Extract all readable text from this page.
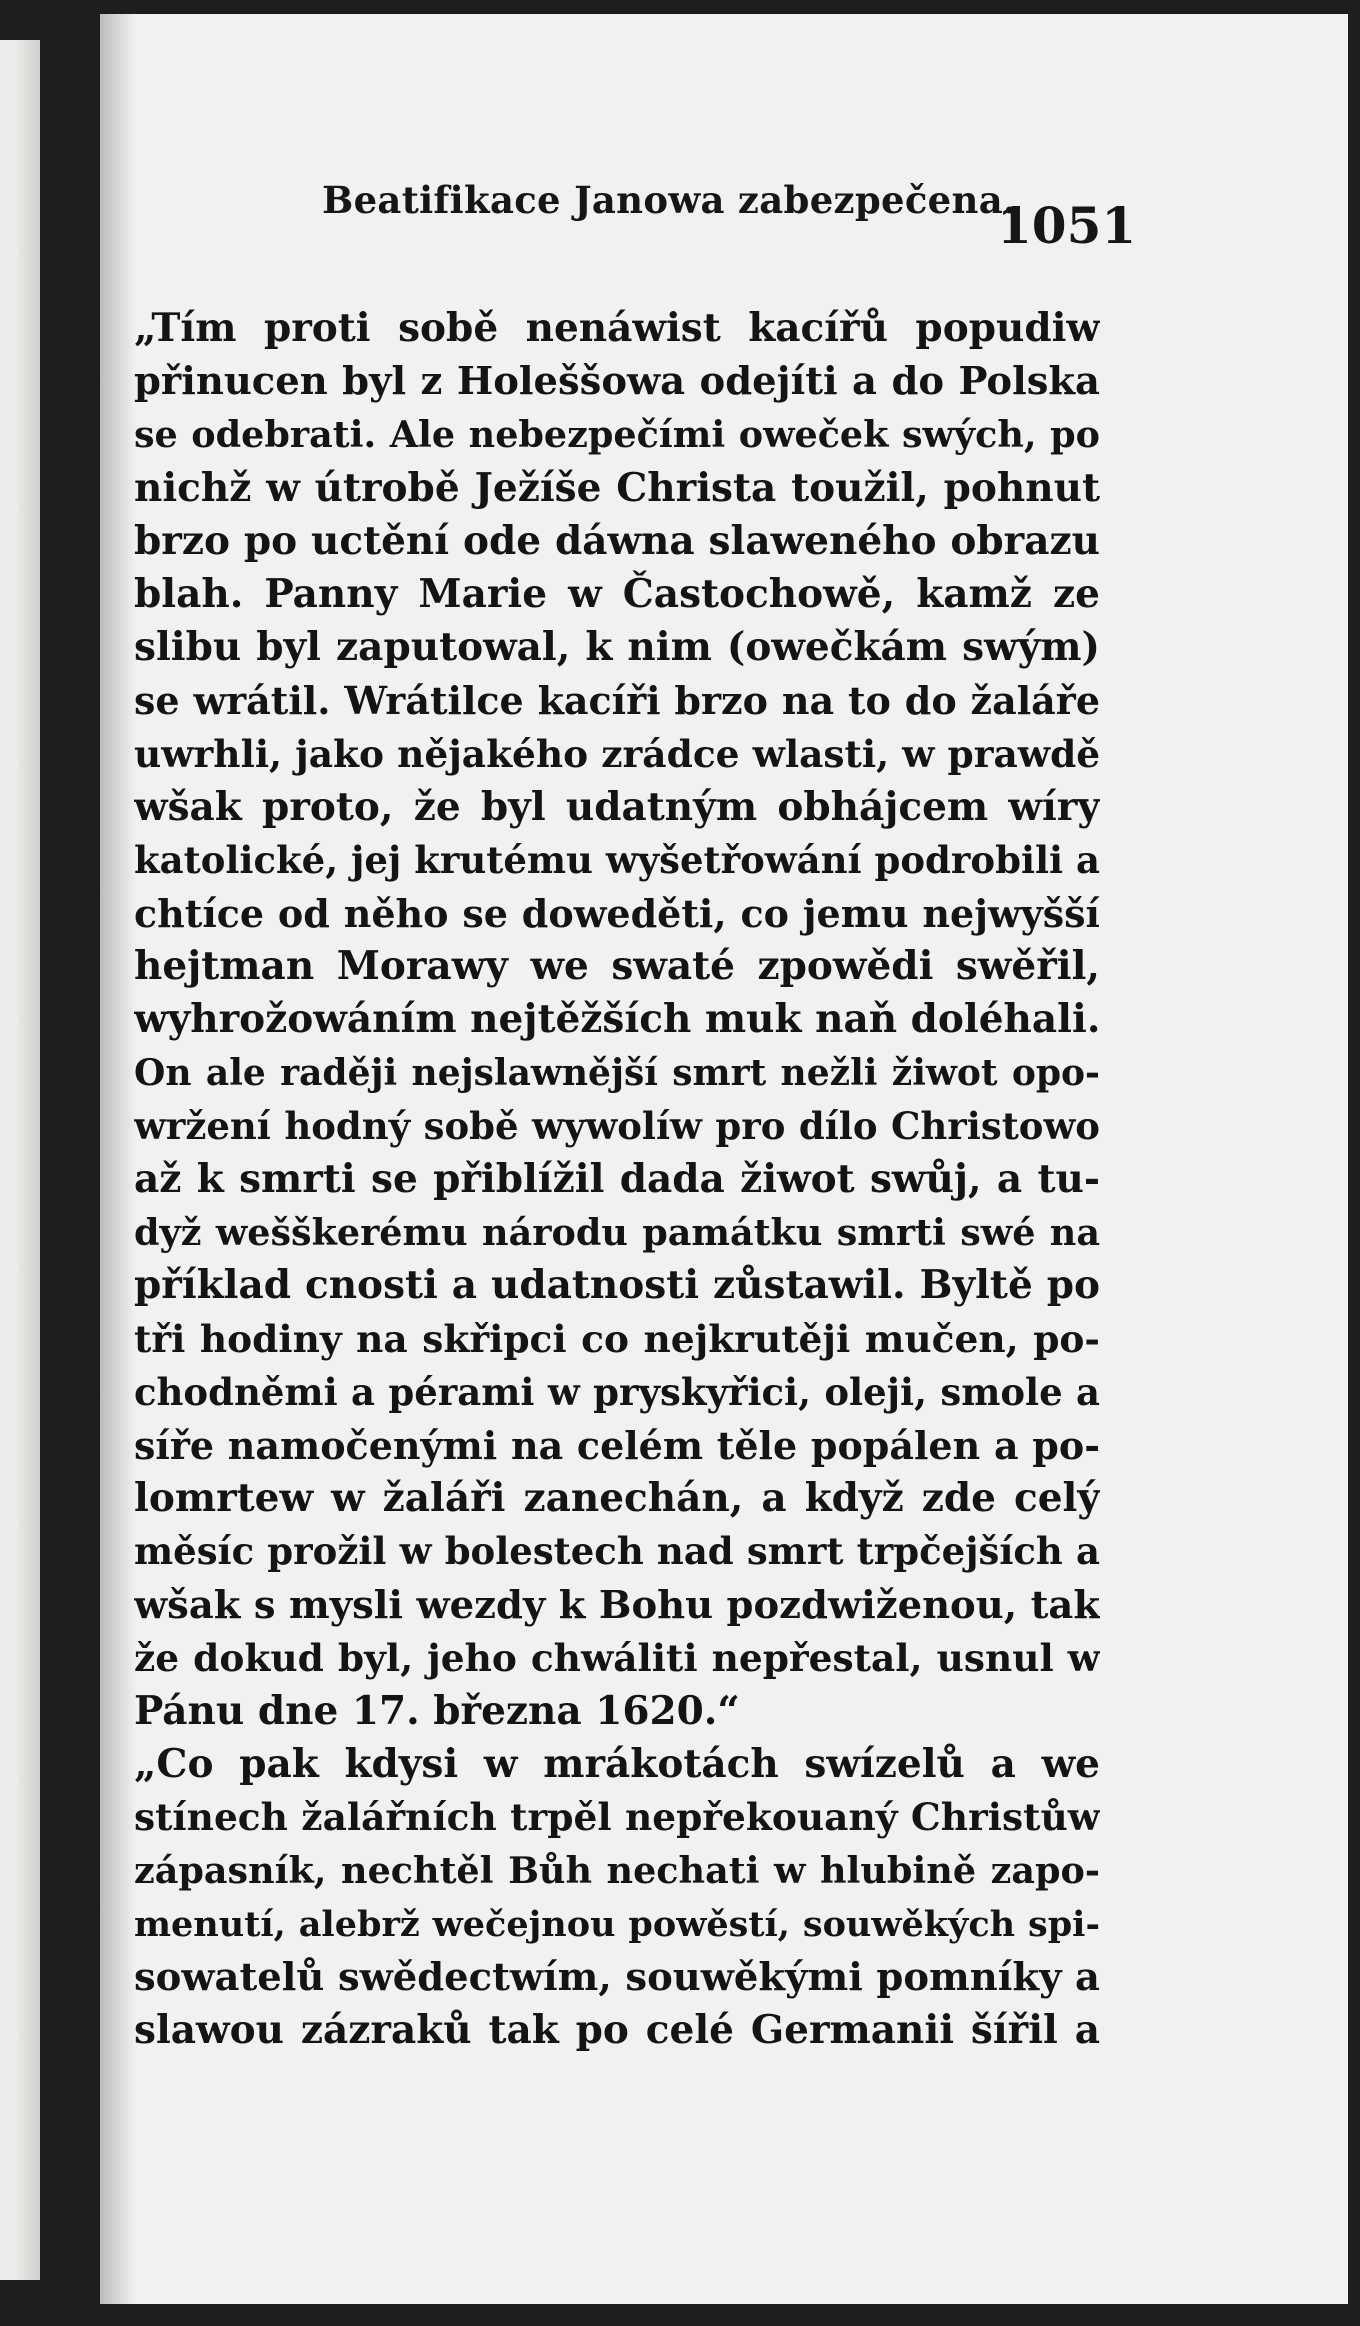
Beatifikace Janowa zabezpečena.
1051
„Tím proti sobě nenáwist kacířů popudiw
přinucen byl z Holeššowa odejíti a do Polska
se odebrati. Ale nebezpečími oweček swých, po
nichž w útrobě Ježíše Christa toužil, pohnut
brzo po uctění ode dáwna slaweného obrazu
blah. Panny Marie w Častochowě, kamž ze
slibu byl zaputowal, k nim (owečkám swým)
se wrátil. Wrátilce kacíři brzo na to do žaláře
uwrhli, jako nějakého zrádce wlasti, w prawdě
wšak proto, že byl udatným obhájcem wíry
katolické, jej krutému wyšetřowání podrobili a
chtíce od něho se doweděti, co jemu nejwyšší
hejtman Morawy we swaté zpowědi swěřil,
wyhrožowáním nejtěžších muk naň doléhali.
On ale raději nejslawnější smrt nežli žiwot opo-
wržení hodný sobě wywolíw pro dílo Christowo
až k smrti se přiblížil dada žiwot swůj, a tu-
dyž wešškerému národu památku smrti swé na
příklad cnosti a udatnosti zůstawil. Byltě po
tři hodiny na skřipci co nejkrutěji mučen, po-
chodněmi a pérami w pryskyřici, oleji, smole a
síře namočenými na celém těle popálen a po-
lomrtew w žaláři zanechán, a když zde celý
měsíc prožil w bolestech nad smrt trpčejších a
wšak s mysli wezdy k Bohu pozdwiženou, tak
že dokud byl, jeho chwáliti nepřestal, usnul w
Pánu dne 17. března 1620.“
„Co pak kdysi w mrákotách swízelů a we
stínech žalářních trpěl nepřekouaný Christůw
zápasník, nechtěl Bůh nechati w hlubině zapo-
menutí, alebrž wečejnou powěstí, souwěkých spi-
sowatelů swědectwím, souwěkými pomníky a
slawou zázraků tak po celé Germanii šířil a
